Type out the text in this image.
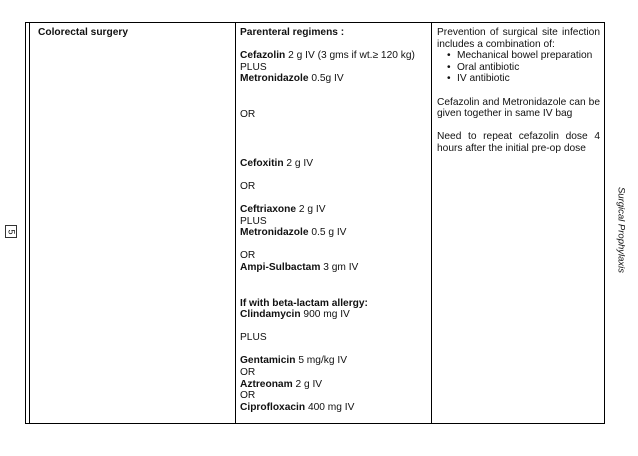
5	Surgical Prophylaxis
Colorectal surgery	Parenteral regimens :
Cefazolin 2 g IV (3 gms if wt.≥ 120 kg)
PLUS
Metronidazole 0.5g IV
OR
Cefoxitin 2 g IV
OR
Ceftriaxone 2 g IV
PLUS
Metronidazole 0.5 g IV
OR
Ampi-Sulbactam 3 gm IV
If with beta-lactam allergy:
Clindamycin 900 mg IV
PLUS
Gentamicin 5 mg/kg IV
OR
Aztreonam 2 g IV
OR
Ciprofloxacin 400 mg IV
Prevention of surgical site infection includes a combination of:
• Mechanical bowel preparation
• Oral antibiotic
• IV antibiotic
Cefazolin and Metronidazole can be given together in same IV bag
Need to repeat cefazolin dose 4 hours after the initial pre-op dose
